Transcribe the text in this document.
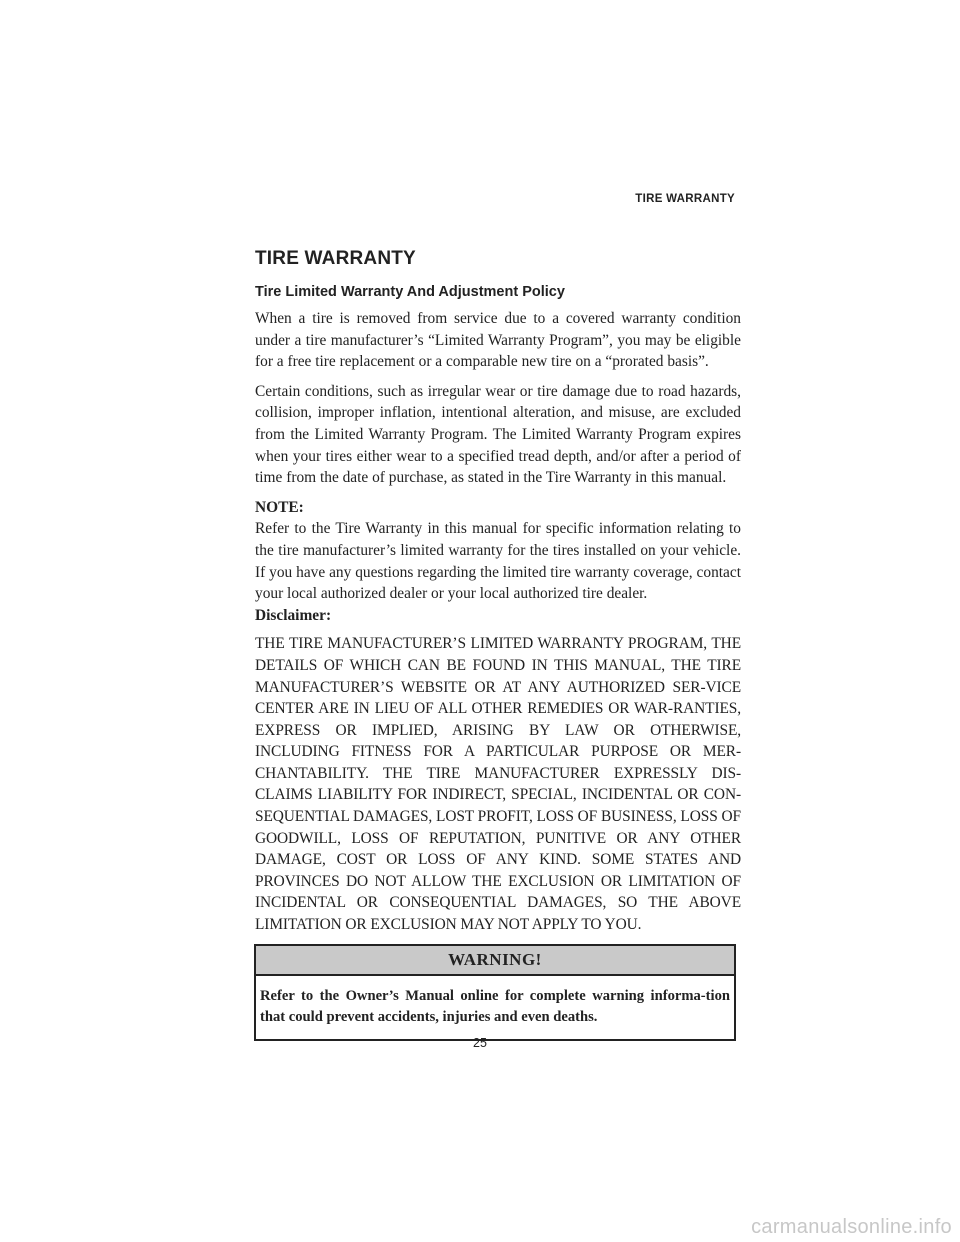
TIRE WARRANTY
TIRE WARRANTY
Tire Limited Warranty And Adjustment Policy

When a tire is removed from service due to a covered warranty condition under a tire manufacturer’s “Limited Warranty Program”, you may be eligible for a free tire replacement or a comparable new tire on a “prorated basis”.

Certain conditions, such as irregular wear or tire damage due to road hazards, collision, improper inflation, intentional alteration, and misuse, are excluded from the Limited Warranty Program. The Limited Warranty Program expires when your tires either wear to a specified tread depth, and/or after a period of time from the date of purchase, as stated in the Tire Warranty in this manual.

NOTE:

Refer to the Tire Warranty in this manual for specific information relating to the tire manufacturer’s limited warranty for the tires installed on your vehicle. If you have any questions regarding the limited tire warranty coverage, contact your local authorized dealer or your local authorized tire dealer.

Disclaimer:

THE TIRE MANUFACTURER’S LIMITED WARRANTY PROGRAM, THE DETAILS OF WHICH CAN BE FOUND IN THIS MANUAL, THE TIRE MANUFACTURER’S WEBSITE OR AT ANY AUTHORIZED SER-VICE CENTER ARE IN LIEU OF ALL OTHER REMEDIES OR WAR-RANTIES, EXPRESS OR IMPLIED, ARISING BY LAW OR OTHERWISE, INCLUDING FITNESS FOR A PARTICULAR PURPOSE OR MER-CHANTABILITY. THE TIRE MANUFACTURER EXPRESSLY DIS-CLAIMS LIABILITY FOR INDIRECT, SPECIAL, INCIDENTAL OR CON-SEQUENTIAL DAMAGES, LOST PROFIT, LOSS OF BUSINESS, LOSS OF GOODWILL, LOSS OF REPUTATION, PUNITIVE OR ANY OTHER DAMAGE, COST OR LOSS OF ANY KIND. SOME STATES AND PROVINCES DO NOT ALLOW THE EXCLUSION OR LIMITATION OF INCIDENTAL OR CONSEQUENTIAL DAMAGES, SO THE ABOVE LIMITATION OR EXCLUSION MAY NOT APPLY TO YOU.

WARNING!
Refer to the Owner’s Manual online for complete warning informa-tion that could prevent accidents, injuries and even deaths.
25
carmanualsonline.info
